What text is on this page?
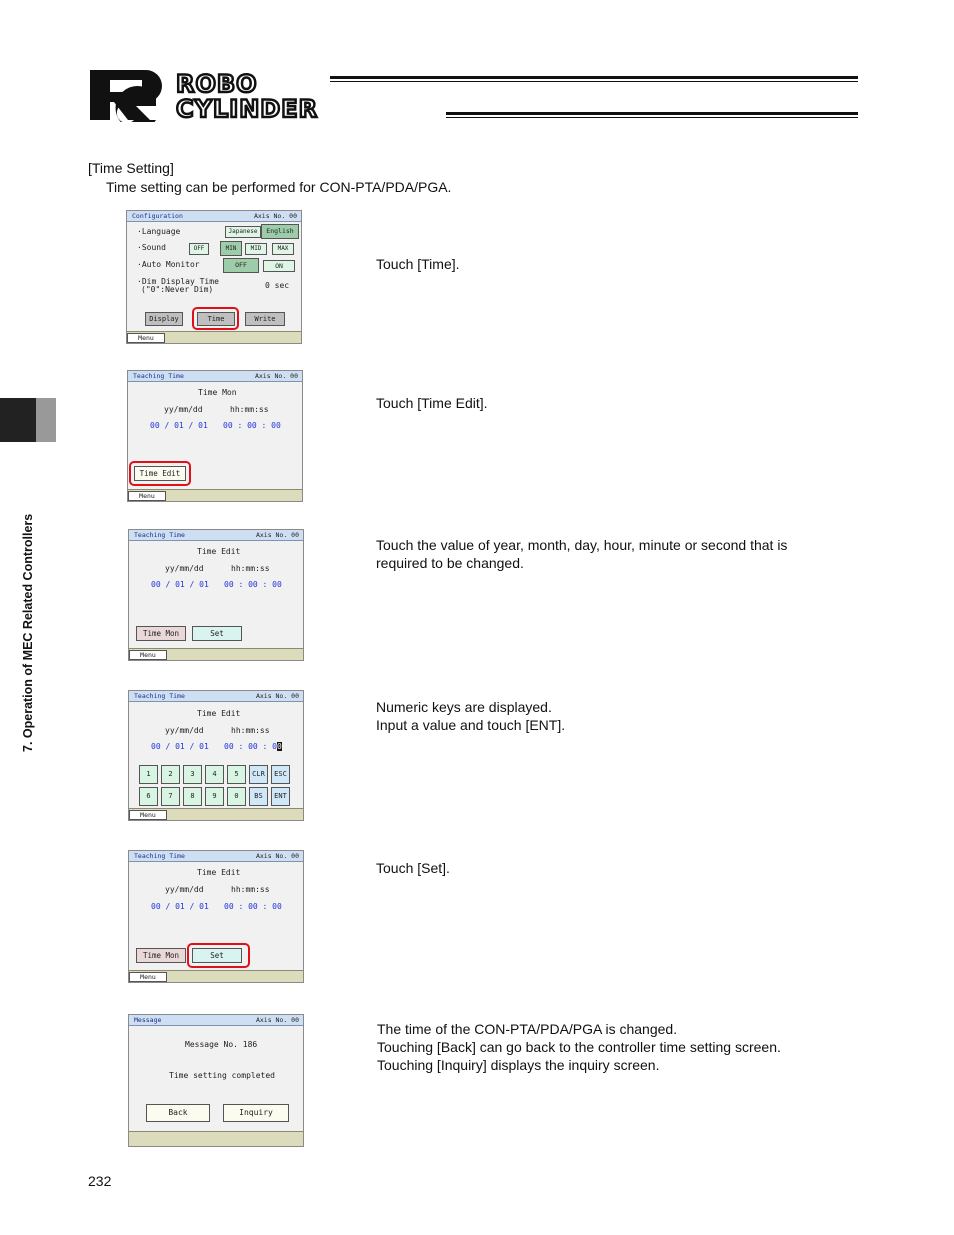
ROBO
CYLINDER
7. Operation of MEC Related Controllers
[Time Setting]
Time setting can be performed for CON-PTA/PDA/PGA.
Touch [Time].
Touch [Time Edit].
Touch the value of year, month, day, hour, minute or second that is
required to be changed.
Numeric keys are displayed.
Input a value and touch [ENT].
Touch [Set].
The time of the CON-PTA/PDA/PGA is changed.
Touching [Back] can go back to the controller time setting screen.
Touching [Inquiry] displays the inquiry screen.
Configuration	Axis No. 00
·Language	Japanese	English
·Sound	OFF	MIN	MID	MAX
·Auto Monitor	OFF	ON
·Dim Display Time
("0":Never Dim)	0 sec
Display	Time	Write
Menu
Teaching Time	Axis No. 00
Time Mon
yy/mm/dd	hh:mm:ss
00 / 01 / 01 00 : 00 : 00
Time Edit
Menu
Teaching Time	Axis No. 00
Time Edit
yy/mm/dd	hh:mm:ss
00 / 01 / 01 00 : 00 : 00
Time Mon	Set
Menu
Teaching Time	Axis No. 00
Time Edit
yy/mm/dd	hh:mm:ss
00 / 01 / 01 00 : 00 : 00
1	2	3	4	5	CLR	ESC
6	7	8	9	0	BS	ENT
Menu
Teaching Time	Axis No. 00
Time Edit
yy/mm/dd	hh:mm:ss
00 / 01 / 01 00 : 00 : 00
Time Mon	Set
Menu
Message	Axis No. 00
Message No. 186
Time setting completed
Back	Inquiry
232
